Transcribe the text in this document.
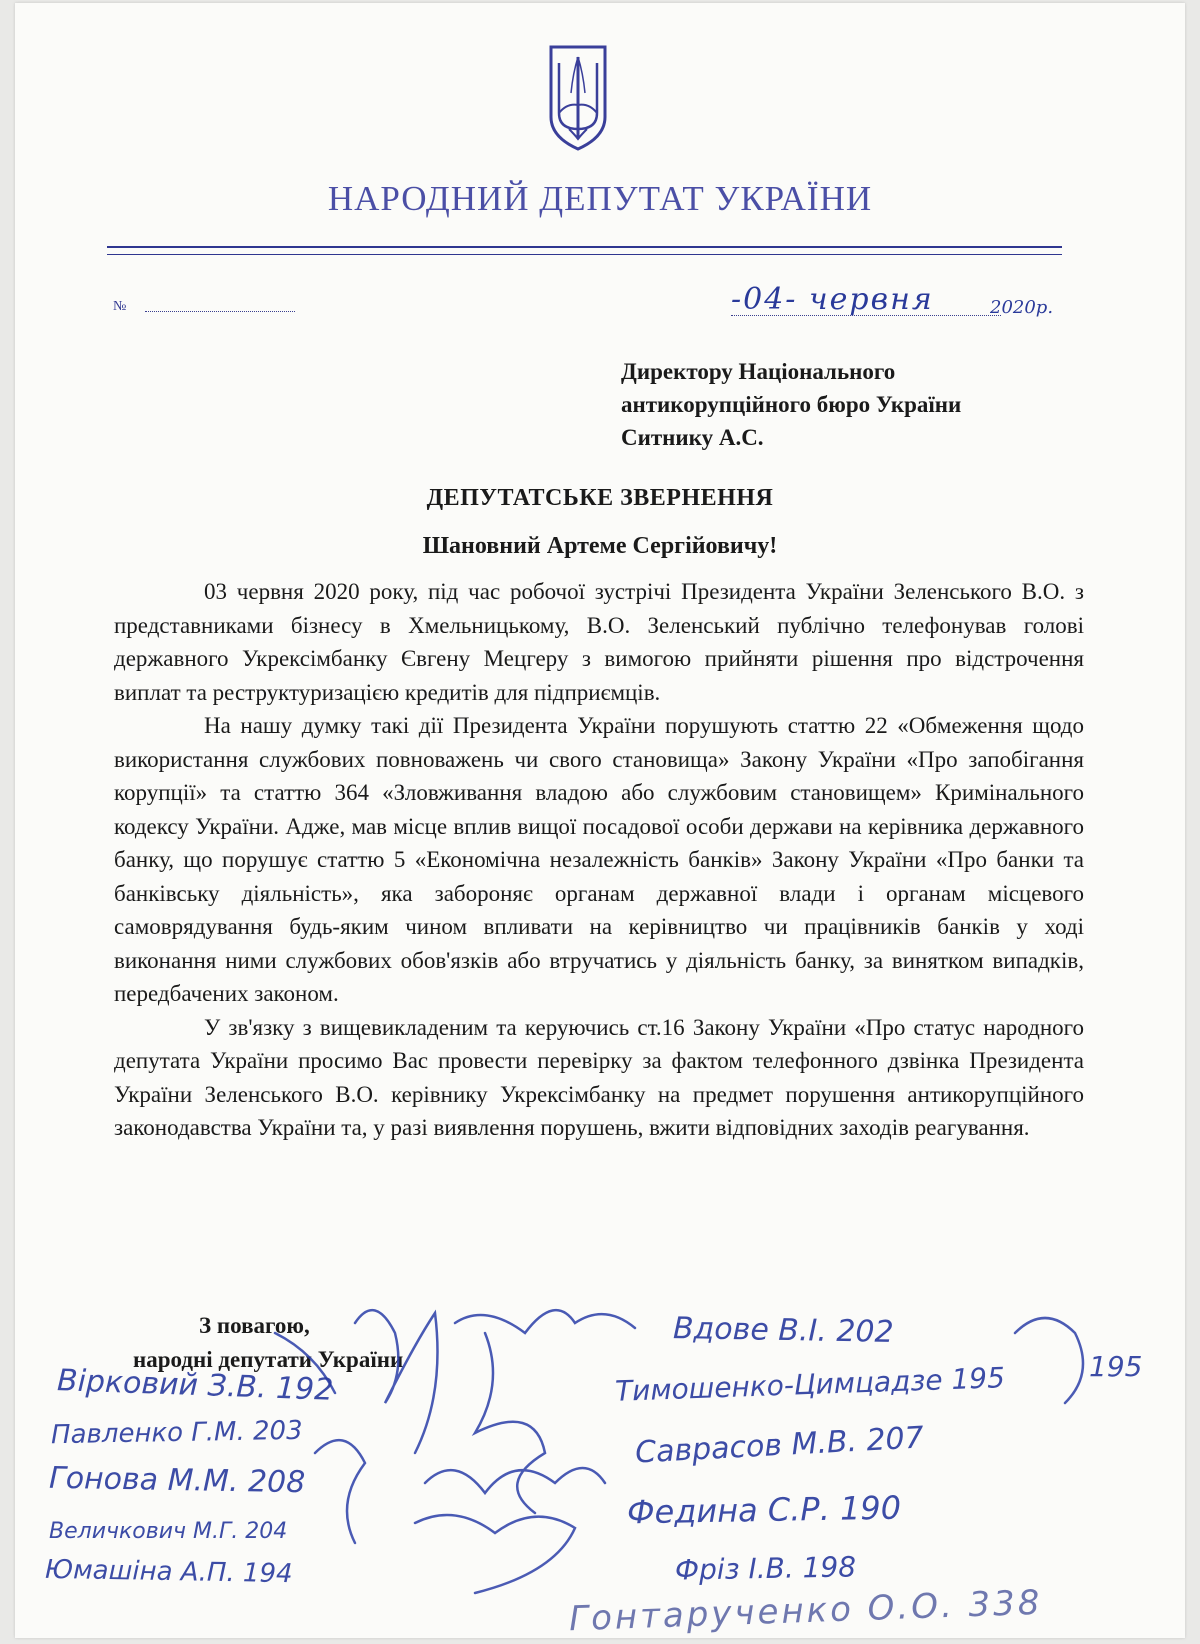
НАРОДНИЙ ДЕПУТАТ УКРАЇНИ
№	-04- червня	2020р.
Директору Національного
антикорупційного бюро України
Ситнику А.С.
ДЕПУТАТСЬКЕ ЗВЕРНЕННЯ
Шановний Артеме Сергійовичу!

03 червня 2020 року, під час робочої зустрічі Президента України Зеленського В.О. з представниками бізнесу в Хмельницькому, В.О. Зеленський публічно телефонував голові державного Укрексімбанку Євгену Мецгеру з вимогою прийняти рішення про відстрочення виплат та реструктуризацією кредитів для підприємців.

На нашу думку такі дії Президента України порушують статтю 22 «Обмеження щодо використання службових повноважень чи свого становища» Закону України «Про запобігання корупції» та статтю 364 «Зловживання владою або службовим становищем» Кримінального кодексу України. Адже, мав місце вплив вищої посадової особи держави на керівника державного банку, що порушує статтю 5 «Економічна незалежність банків» Закону України «Про банки та банківську діяльність», яка забороняє органам державної влади і органам місцевого самоврядування будь-яким чином впливати на керівництво чи працівників банків у ході виконання ними службових обов'язків або втручатись у діяльність банку, за винятком випадків, передбачених законом.

У зв'язку з вищевикладеним та керуючись ст.16 Закону України «Про статус народного депутата України просимо Вас провести перевірку за фактом телефонного дзвінка Президента України Зеленського В.О. керівнику Укрексімбанку на предмет порушення антикорупційного законодавства України та, у разі виявлення порушень, вжити відповідних заходів реагування.

З повагою,
народні депутати України
Вірковий З.В. 192
Павленко Г.М. 203
Гонова М.М. 208
Величкович М.Г. 204
Юмашіна А.П. 194
Вдове В.І. 202
Тимошенко-Цимцадзе 195
Саврасов М.В. 207
Федина С.Р. 190
Фріз І.В. 198
Гонтарученко О.О. 338
195
